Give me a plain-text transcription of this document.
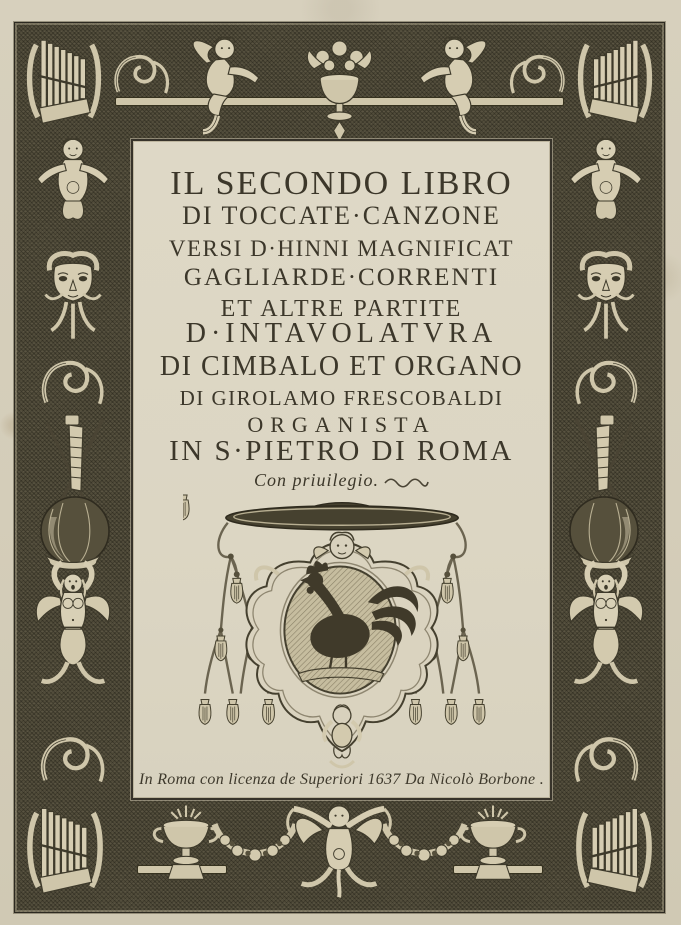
IL SECONDO LIBRO
DI TOCCATE·CANZONE
VERSI D·HINNI MAGNIFICAT
GAGLIARDE·CORRENTI
ET ALTRE PARTITE
D·INTAVOLATVRA
DI CIMBALO ET ORGANO
DI GIROLAMO FRESCOBALDI
ORGANISTA
IN S·PIETRO DI ROMA
Con priuilegio.
In Roma con licenza de Superiori 1637 Da Nicolò Borbone .
